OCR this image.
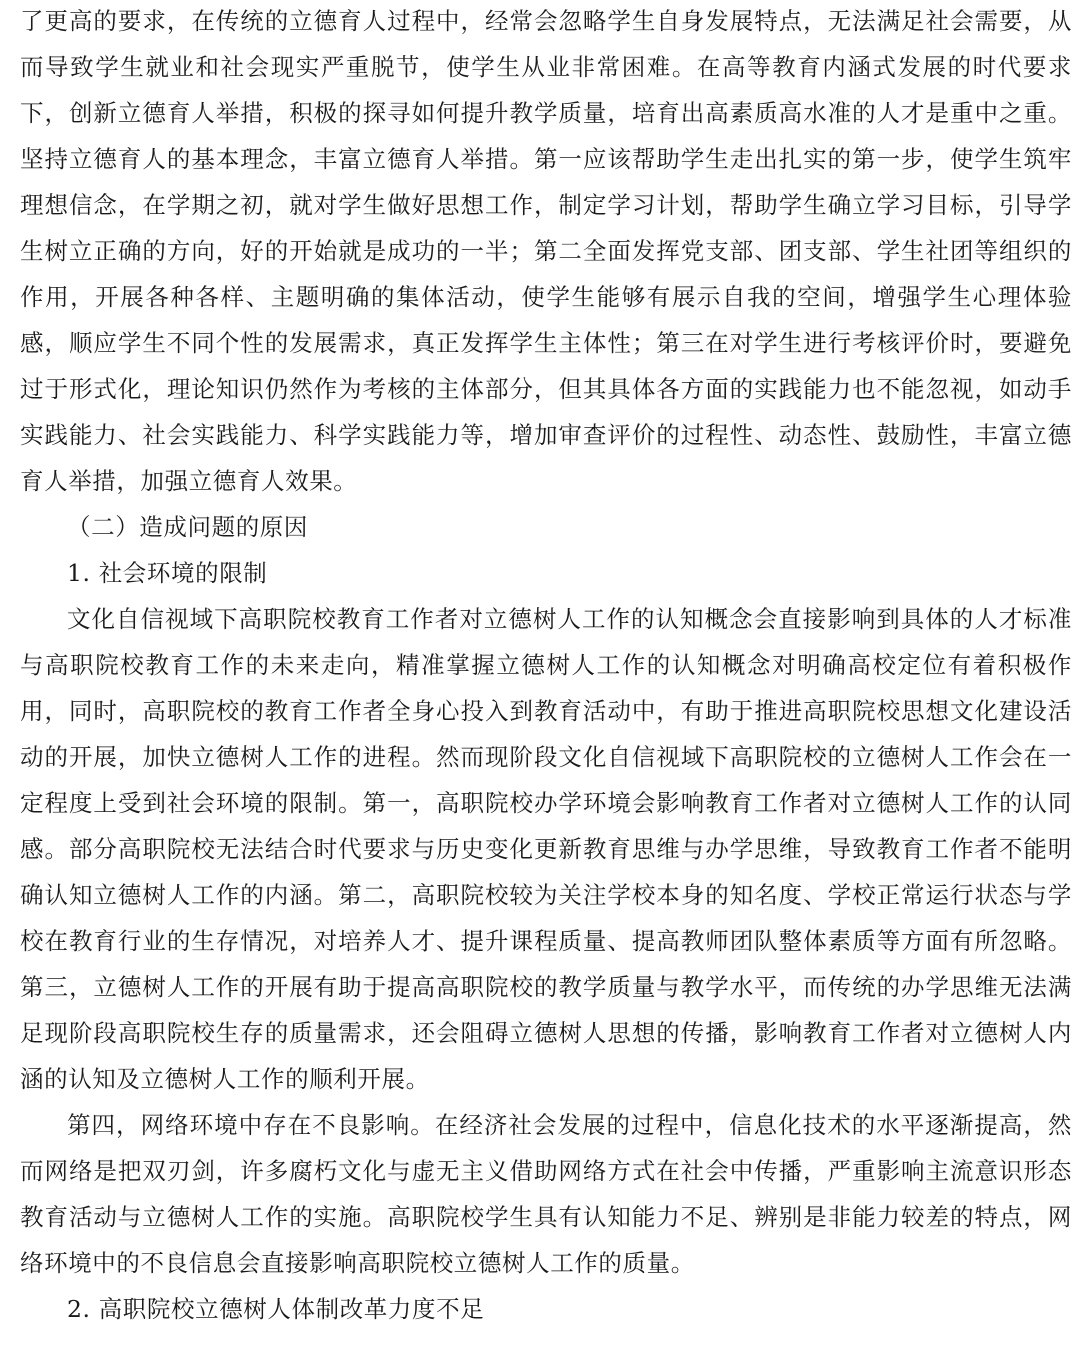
了更高的要求，在传统的立德育人过程中，经常会忽略学生自身发展特点，无法满足社会需要，从而导致学生就业和社会现实严重脱节，使学生从业非常困难。在高等教育内涵式发展的时代要求下，创新立德育人举措，积极的探寻如何提升教学质量，培育出高素质高水准的人才是重中之重。坚持立德育人的基本理念，丰富立德育人举措。第一应该帮助学生走出扎实的第一步，使学生筑牢理想信念，在学期之初，就对学生做好思想工作，制定学习计划，帮助学生确立学习目标，引导学生树立正确的方向，好的开始就是成功的一半；第二全面发挥党支部、团支部、学生社团等组织的作用，开展各种各样、主题明确的集体活动，使学生能够有展示自我的空间，增强学生心理体验感，顺应学生不同个性的发展需求，真正发挥学生主体性；第三在对学生进行考核评价时，要避免过于形式化，理论知识仍然作为考核的主体部分，但其具体各方面的实践能力也不能忽视，如动手实践能力、社会实践能力、科学实践能力等，增加审查评价的过程性、动态性、鼓励性，丰富立德育人举措，加强立德育人效果。

（二）造成问题的原因

1. 社会环境的限制

文化自信视域下高职院校教育工作者对立德树人工作的认知概念会直接影响到具体的人才标准与高职院校教育工作的未来走向，精准掌握立德树人工作的认知概念对明确高校定位有着积极作用，同时，高职院校的教育工作者全身心投入到教育活动中，有助于推进高职院校思想文化建设活动的开展，加快立德树人工作的进程。然而现阶段文化自信视域下高职院校的立德树人工作会在一定程度上受到社会环境的限制。第一，高职院校办学环境会影响教育工作者对立德树人工作的认同感。部分高职院校无法结合时代要求与历史变化更新教育思维与办学思维，导致教育工作者不能明确认知立德树人工作的内涵。第二，高职院校较为关注学校本身的知名度、学校正常运行状态与学校在教育行业的生存情况，对培养人才、提升课程质量、提高教师团队整体素质等方面有所忽略。第三，立德树人工作的开展有助于提高高职院校的教学质量与教学水平，而传统的办学思维无法满足现阶段高职院校生存的质量需求，还会阻碍立德树人思想的传播，影响教育工作者对立德树人内涵的认知及立德树人工作的顺利开展。

第四，网络环境中存在不良影响。在经济社会发展的过程中，信息化技术的水平逐渐提高，然而网络是把双刃剑，许多腐朽文化与虚无主义借助网络方式在社会中传播，严重影响主流意识形态教育活动与立德树人工作的实施。高职院校学生具有认知能力不足、辨别是非能力较差的特点，网络环境中的不良信息会直接影响高职院校立德树人工作的质量。

2. 高职院校立德树人体制改革力度不足
